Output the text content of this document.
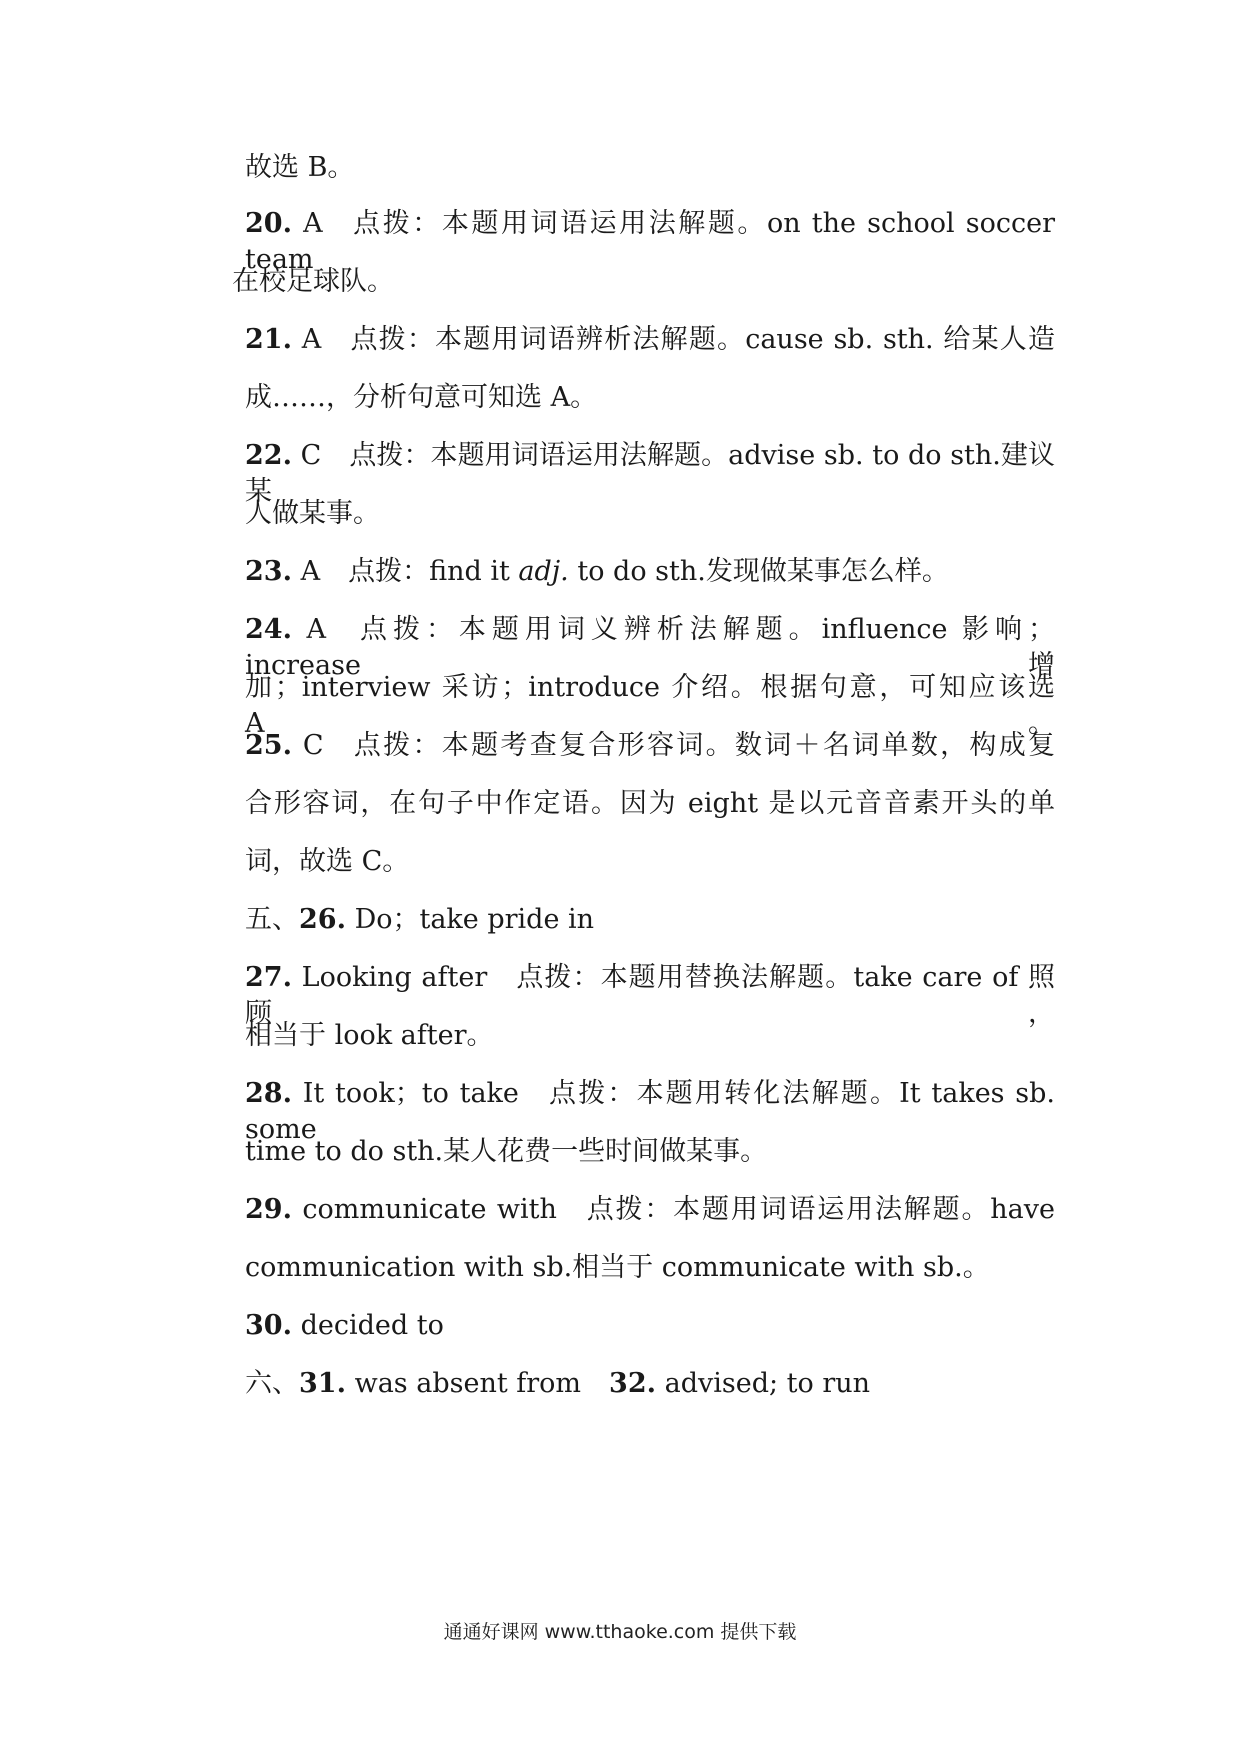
故选 B。
20. A 点拨：本题用词语运用法解题。on the school soccer team
在校足球队。
21. A 点拨：本题用词语辨析法解题。cause sb. sth. 给某人造
成……，分析句意可知选 A。
22. C 点拨：本题用词语运用法解题。advise sb. to do sth.建议某
人做某事。
23. A 点拨：find it adj. to do sth.发现做某事怎么样。
24. A 点拨：本题用词义辨析法解题。influence 影响；increase 增
加；interview 采访；introduce 介绍。根据句意，可知应该选 A。
25. C 点拨：本题考查复合形容词。数词＋名词单数，构成复
合形容词，在句子中作定语。因为 eight 是以元音音素开头的单
词，故选 C。
五、26. Do；take pride in
27. Looking after 点拨：本题用替换法解题。take care of 照顾，
相当于 look after。
28. It took；to take 点拨：本题用转化法解题。It takes sb. some
time to do sth.某人花费一些时间做某事。
29. communicate with 点拨：本题用词语运用法解题。have
communication with sb.相当于 communicate with sb.。
30. decided to
六、31. was absent from 32. advised; to run
通通好课网 www.tthaoke.com 提供下载
